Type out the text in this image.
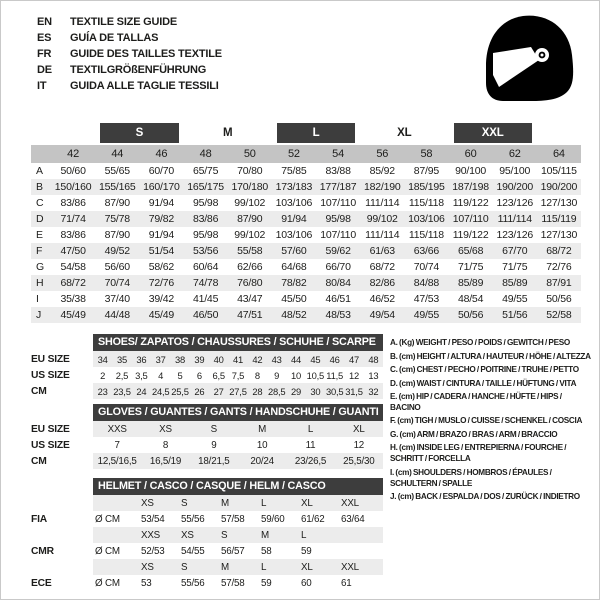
EN	TEXTILE SIZE GUIDE
ES	GUÍA DE TALLAS
FR	GUIDE DES TAILLES TEXTILE
DE	TEXTILGRÖßENFÜHRUNG
IT	GUIDA ALLE TAGLIE TESSILI
S	M	L	XL	XXL
42	44	46	48	50	52	54	56	58	60	62	64
A	50/60	55/65	60/70	65/75	70/80	75/85	83/88	85/92	87/95	90/100	95/100	105/115
B	150/160 155/165 160/170 165/175 170/180 173/183 177/187 182/190 185/195 187/198 190/200 190/200
C	83/86	87/90	91/94	95/98	99/102 103/106 107/110 111/114 115/118 119/122 123/126 127/130
D	71/74	75/78	79/82	83/86	87/90	91/94	95/98	99/102 103/106 107/110 111/114 115/119
E	83/86	87/90	91/94	95/98	99/102 103/106 107/110 111/114 115/118 119/122 123/126 127/130
F	47/50	49/52	51/54	53/56	55/58	57/60	59/62	61/63	63/66	65/68	67/70	68/72
G	54/58	56/60	58/62	60/64	62/66	64/68	66/70	68/72	70/74	71/75	71/75	72/76
H	68/72	70/74	72/76	74/78	76/80	78/82	80/84	82/86	84/88	85/89	85/89	87/91
I	35/38	37/40	39/42	41/45	43/47	45/50	46/51	46/52	47/53	48/54	49/55	50/56
J	45/49	44/48	45/49	46/50	47/51	48/52	48/53	49/54	49/55	50/56	51/56	52/58
SHOES/ ZAPATOS / CHAUSSURES / SCHUHE / SCARPE
EU SIZE	34 35 36 37 38 39 40 41 42 43 44 45 46 47 48
US SIZE	2	2,5 3,5	4	5	6	6,5 7,5	8	9	10 10,5 11,5 12 13
CM	23 23,5 24 24,5 25,5 26 27 27,5 28 28,5 29 30 30,5 31,5 32
GLOVES / GUANTES / GANTS / HANDSCHUHE / GUANTI
EU SIZE	XXS	XS	S	M	L	XL
US SIZE	7	8	9	10	11	12
CM	12,5/16,5	16,5/19	18/21,5	20/24	23/26,5	25,5/30
HELMET / CASCO / CASQUE / HELM / CASCO
XS	S	M	L	XL	XXL
FIA	Ø CM	53/54	55/56	57/58	59/60	61/62	63/64
XXS	XS	S	M	L
CMR	Ø CM	52/53	54/55	56/57	58	59
XS	S	M	L	XL	XXL
ECE	Ø CM	53	55/56	57/58	59	60	61
A. (Kg) WEIGHT / PESO / POIDS / GEWITCH / PESO
B. (cm) HEIGHT / ALTURA / HAUTEUR / HÖHE / ALTEZZA
C. (cm) CHEST / PECHO / POITRINE / TRUHE / PETTO
D. (cm) WAIST / CINTURA / TAILLE / HÜFTUNG / VITA
E. (cm) HIP / CADERA / HANCHE / HÜFTE / HIPS / BACINO
F. (cm) TIGH / MUSLO / CUISSE / SCHENKEL / COSCIA
G. (cm) ARM / BRAZO / BRAS / ARM / BRACCIO
H. (cm) INSIDE LEG / ENTREPIERNA / FOURCHE / SCHRITT / FORCELLA
I. (cm) SHOULDERS / HOMBROS / ÉPAULES / SCHULTERN / SPALLE
J. (cm) BACK / ESPALDA / DOS / ZURÜCK / INDIETRO
